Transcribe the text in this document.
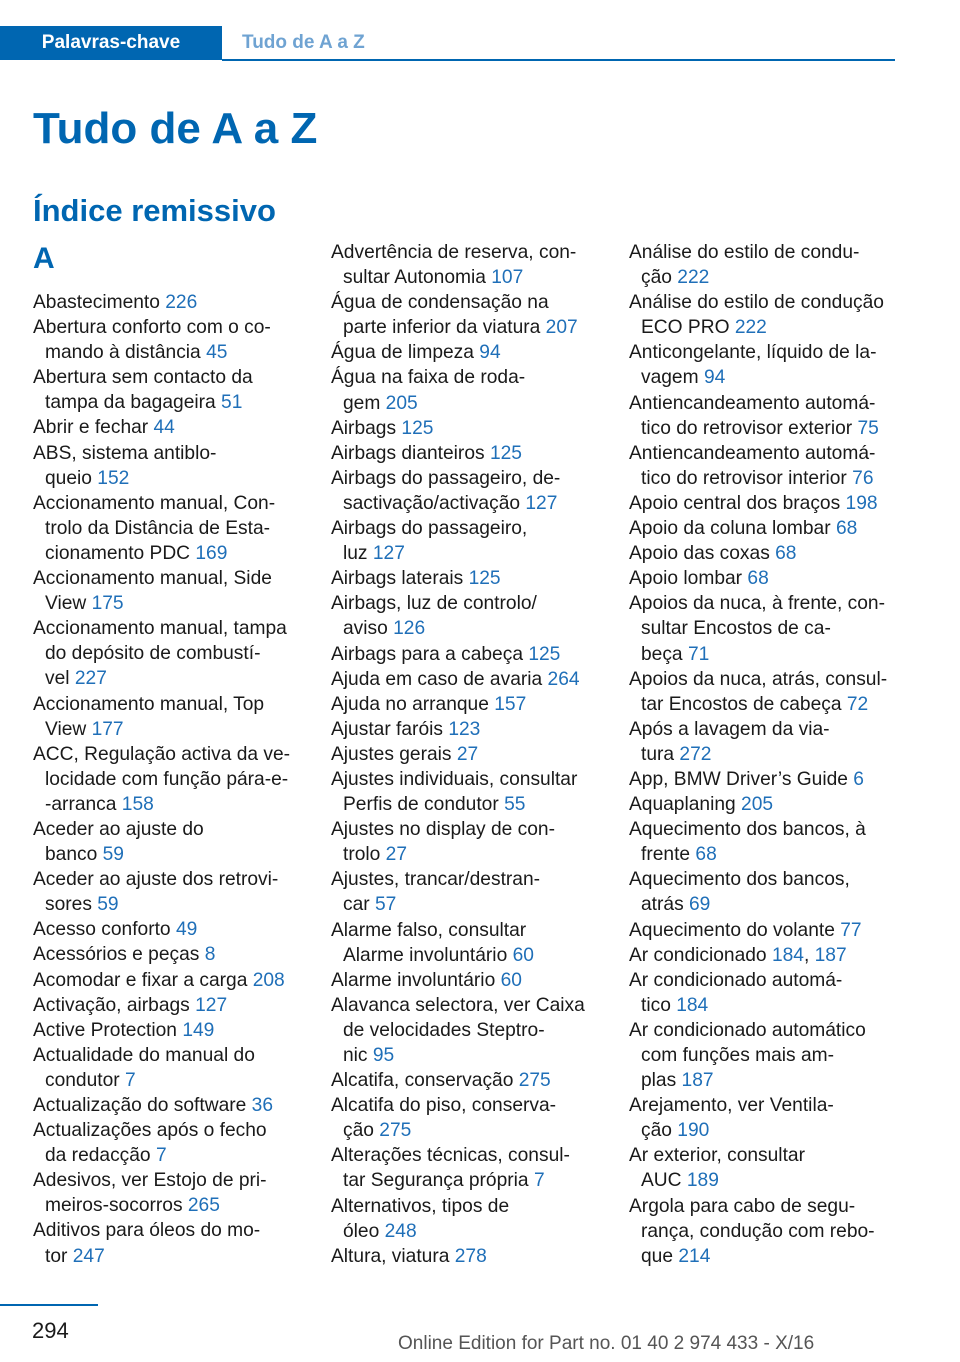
Palavras-chave	Tudo de A a Z
Tudo de A a Z
Índice remissivo
A
Abastecimento 226
Abertura conforto com o co-
mando à distância 45
Abertura sem contacto da
tampa da bagageira 51
Abrir e fechar 44
ABS, sistema antiblo-
queio 152
Accionamento manual, Con-
trolo da Distância de Esta-
cionamento PDC 169
Accionamento manual, Side
View 175
Accionamento manual, tampa
do depósito de combustí-
vel 227
Accionamento manual, Top
View 177
ACC, Regulação activa da ve-
locidade com função pára-e-
-arranca 158
Aceder ao ajuste do
banco 59
Aceder ao ajuste dos retrovi-
sores 59
Acesso conforto 49
Acessórios e peças 8
Acomodar e fixar a carga 208
Activação, airbags 127
Active Protection 149
Actualidade do manual do
condutor 7
Actualização do software 36
Actualizações após o fecho
da redacção 7
Adesivos, ver Estojo de pri-
meiros-socorros 265
Aditivos para óleos do mo-
tor 247
Advertência de reserva, con-
sultar Autonomia 107
Água de condensação na
parte inferior da viatura 207
Água de limpeza 94
Água na faixa de roda-
gem 205
Airbags 125
Airbags dianteiros 125
Airbags do passageiro, de-
sactivação/activação 127
Airbags do passageiro,
luz 127
Airbags laterais 125
Airbags, luz de controlo/
aviso 126
Airbags para a cabeça 125
Ajuda em caso de avaria 264
Ajuda no arranque 157
Ajustar faróis 123
Ajustes gerais 27
Ajustes individuais, consultar
Perfis de condutor 55
Ajustes no display de con-
trolo 27
Ajustes, trancar/destran-
car 57
Alarme falso, consultar
Alarme involuntário 60
Alarme involuntário 60
Alavanca selectora, ver Caixa
de velocidades Steptro-
nic 95
Alcatifa, conservação 275
Alcatifa do piso, conserva-
ção 275
Alterações técnicas, consul-
tar Segurança própria 7
Alternativos, tipos de
óleo 248
Altura, viatura 278
Análise do estilo de condu-
ção 222
Análise do estilo de condução
ECO PRO 222
Anticongelante, líquido de la-
vagem 94
Antiencandeamento automá-
tico do retrovisor exterior 75
Antiencandeamento automá-
tico do retrovisor interior 76
Apoio central dos braços 198
Apoio da coluna lombar 68
Apoio das coxas 68
Apoio lombar 68
Apoios da nuca, à frente, con-
sultar Encostos de ca-
beça 71
Apoios da nuca, atrás, consul-
tar Encostos de cabeça 72
Após a lavagem da via-
tura 272
App, BMW Driver’s Guide 6
Aquaplaning 205
Aquecimento dos bancos, à
frente 68
Aquecimento dos bancos,
atrás 69
Aquecimento do volante 77
Ar condicionado 184, 187
Ar condicionado automá-
tico 184
Ar condicionado automático
com funções mais am-
plas 187
Arejamento, ver Ventila-
ção 190
Ar exterior, consultar
AUC 189
Argola para cabo de segu-
rança, condução com rebo-
que 214
294
Online Edition for Part no. 01 40 2 974 433 - X/16
